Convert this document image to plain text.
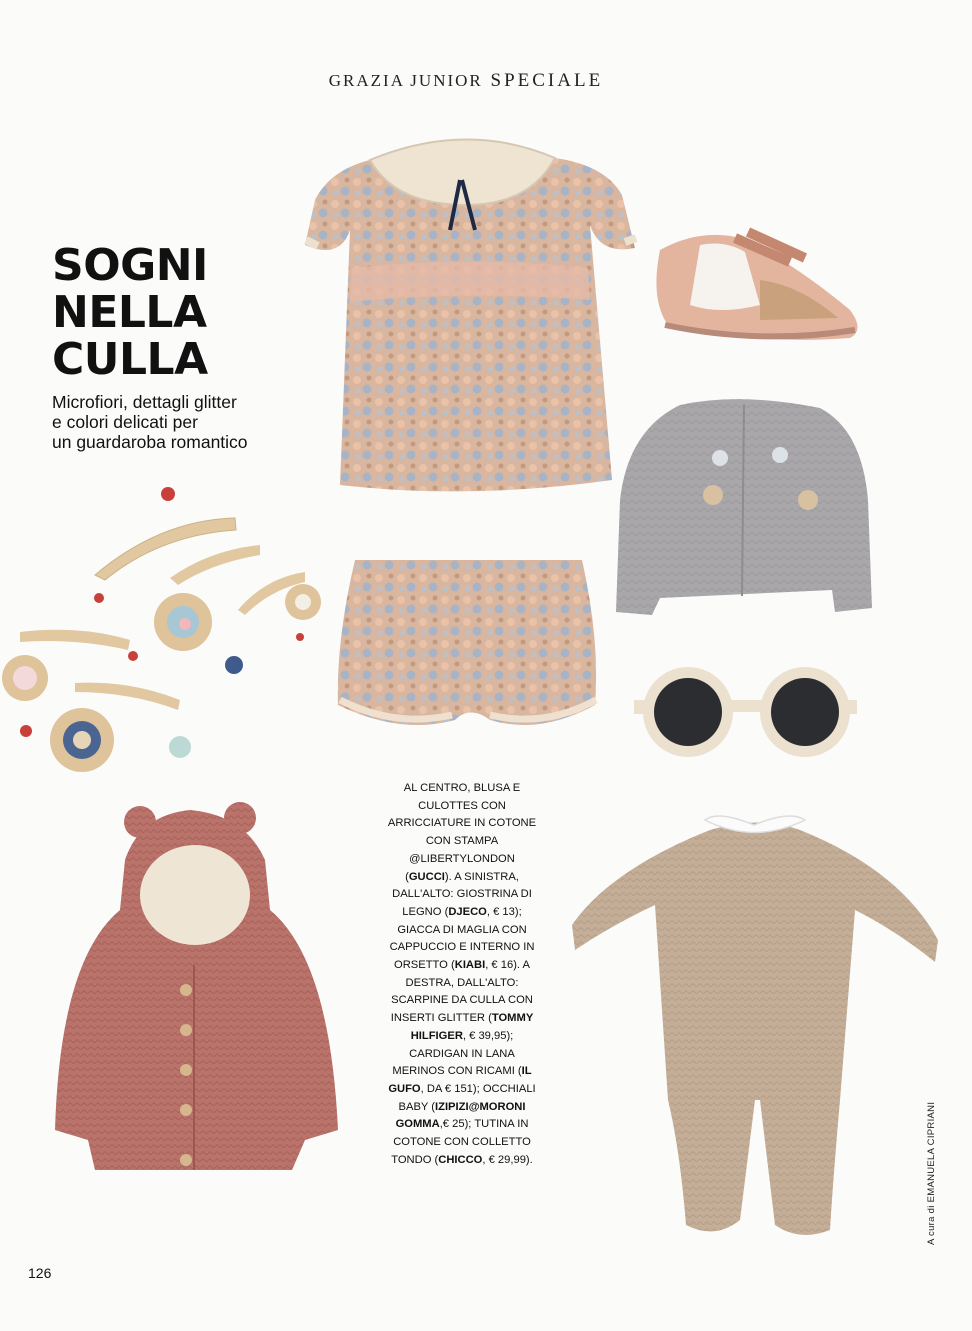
GRAZIA JUNIOR SPECIALE
SOGNI
NELLA
CULLA
Microfiori, dettagli glitter
e colori delicati per
un guardaroba romantico
AL CENTRO, BLUSA E CULOTTES CON ARRICCIATURE IN COTONE CON STAMPA @LIBERTYLONDON (GUCCI). A SINISTRA, DALL'ALTO: GIOSTRINA DI LEGNO (DJECO, € 13); GIACCA DI MAGLIA CON CAPPUCCIO E INTERNO IN ORSETTO (KIABI, € 16). A DESTRA, DALL'ALTO: SCARPINE DA CULLA CON INSERTI GLITTER (TOMMY HILFIGER, € 39,95); CARDIGAN IN LANA MERINOS CON RICAMI (IL GUFO, DA € 151); OCCHIALI BABY (IZIPIZI@MORONI GOMMA,€ 25); TUTINA IN COTONE CON COLLETTO TONDO (CHICCO, € 29,99).	A cura di EMANUELA CIPRIANI
126
